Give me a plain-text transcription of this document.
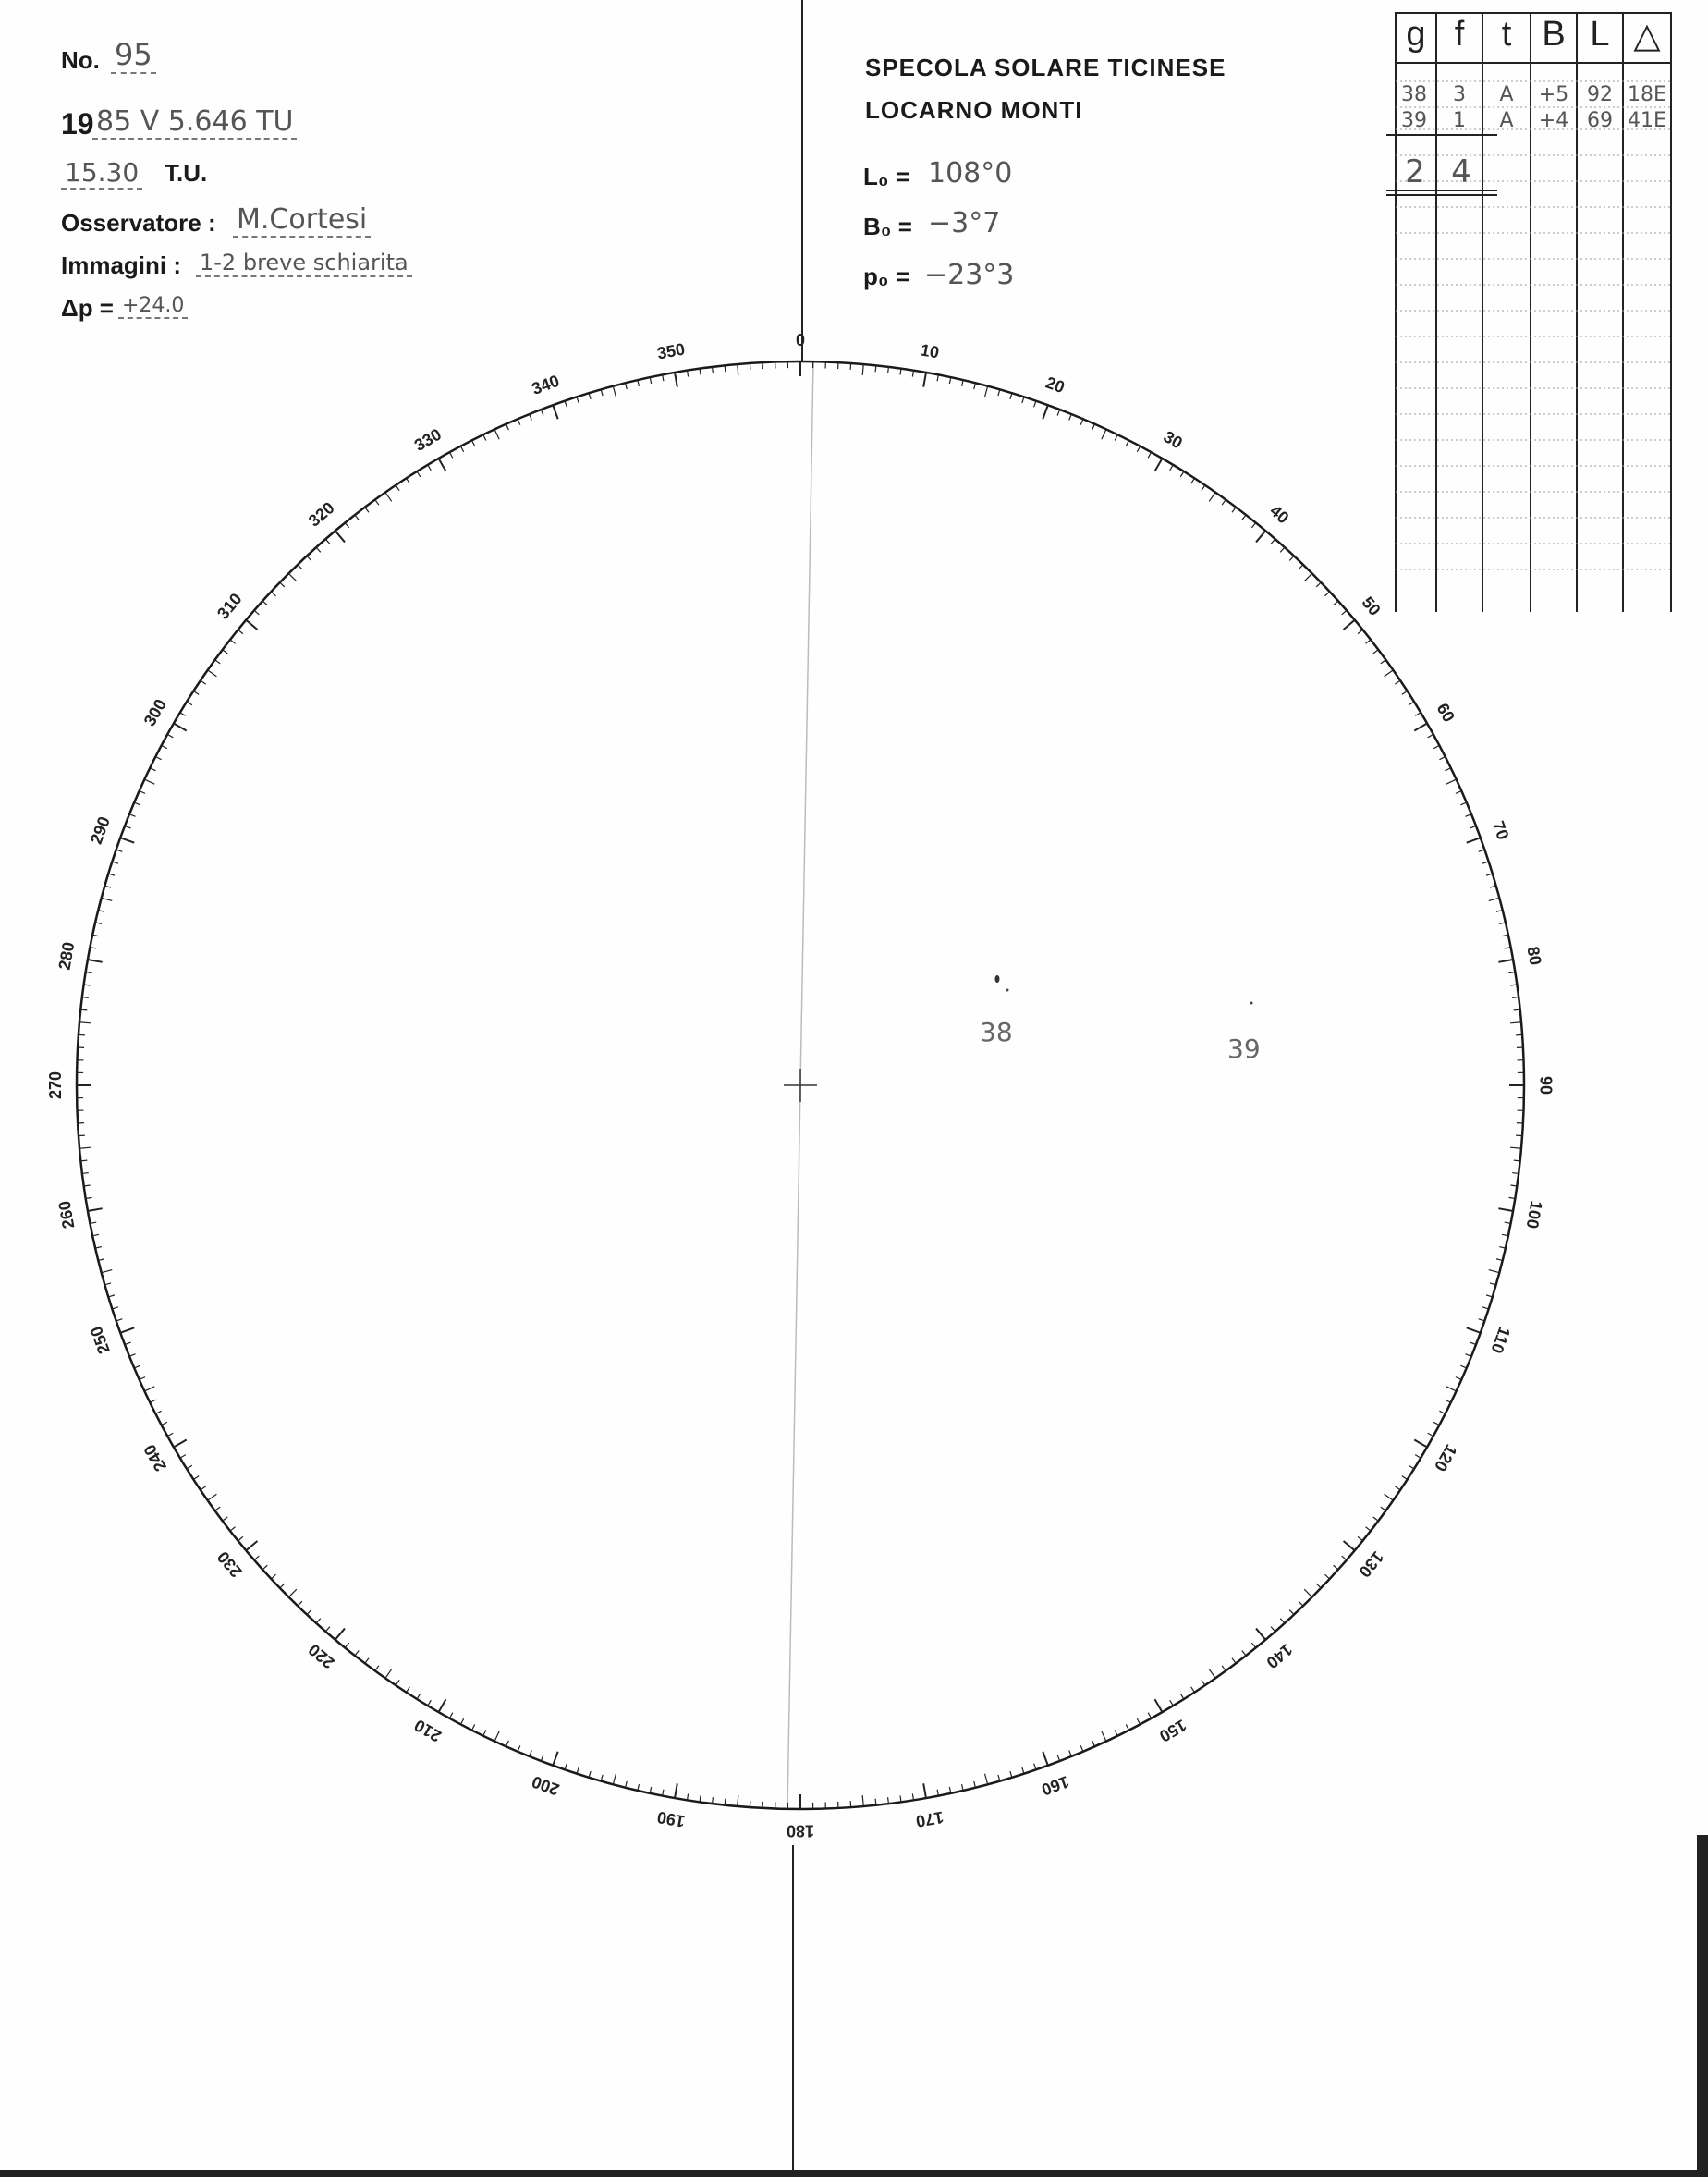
No. 95
19 85 V 5.646 TU
15.30 T.U.
Osservatore : M.Cortesi
Immagini : 1-2 breve schiarita
Δp = +24.0
SPECOLA SOLARE TICINESE
LOCARNO MONTI
L₀ = 108°0
B₀ = −3°7
p₀ = −23°3
g f	t B L △
38	3	A	+5 92 18E
39	1	A	+4 69 41E
2 4
0
10
20
30
40
50
60
70
80
90
100
110
120
130
140
150
160
170
180
190
200
210
220
230
240
250
260
270
280
290
300
310
320
330
340
350
38
39
